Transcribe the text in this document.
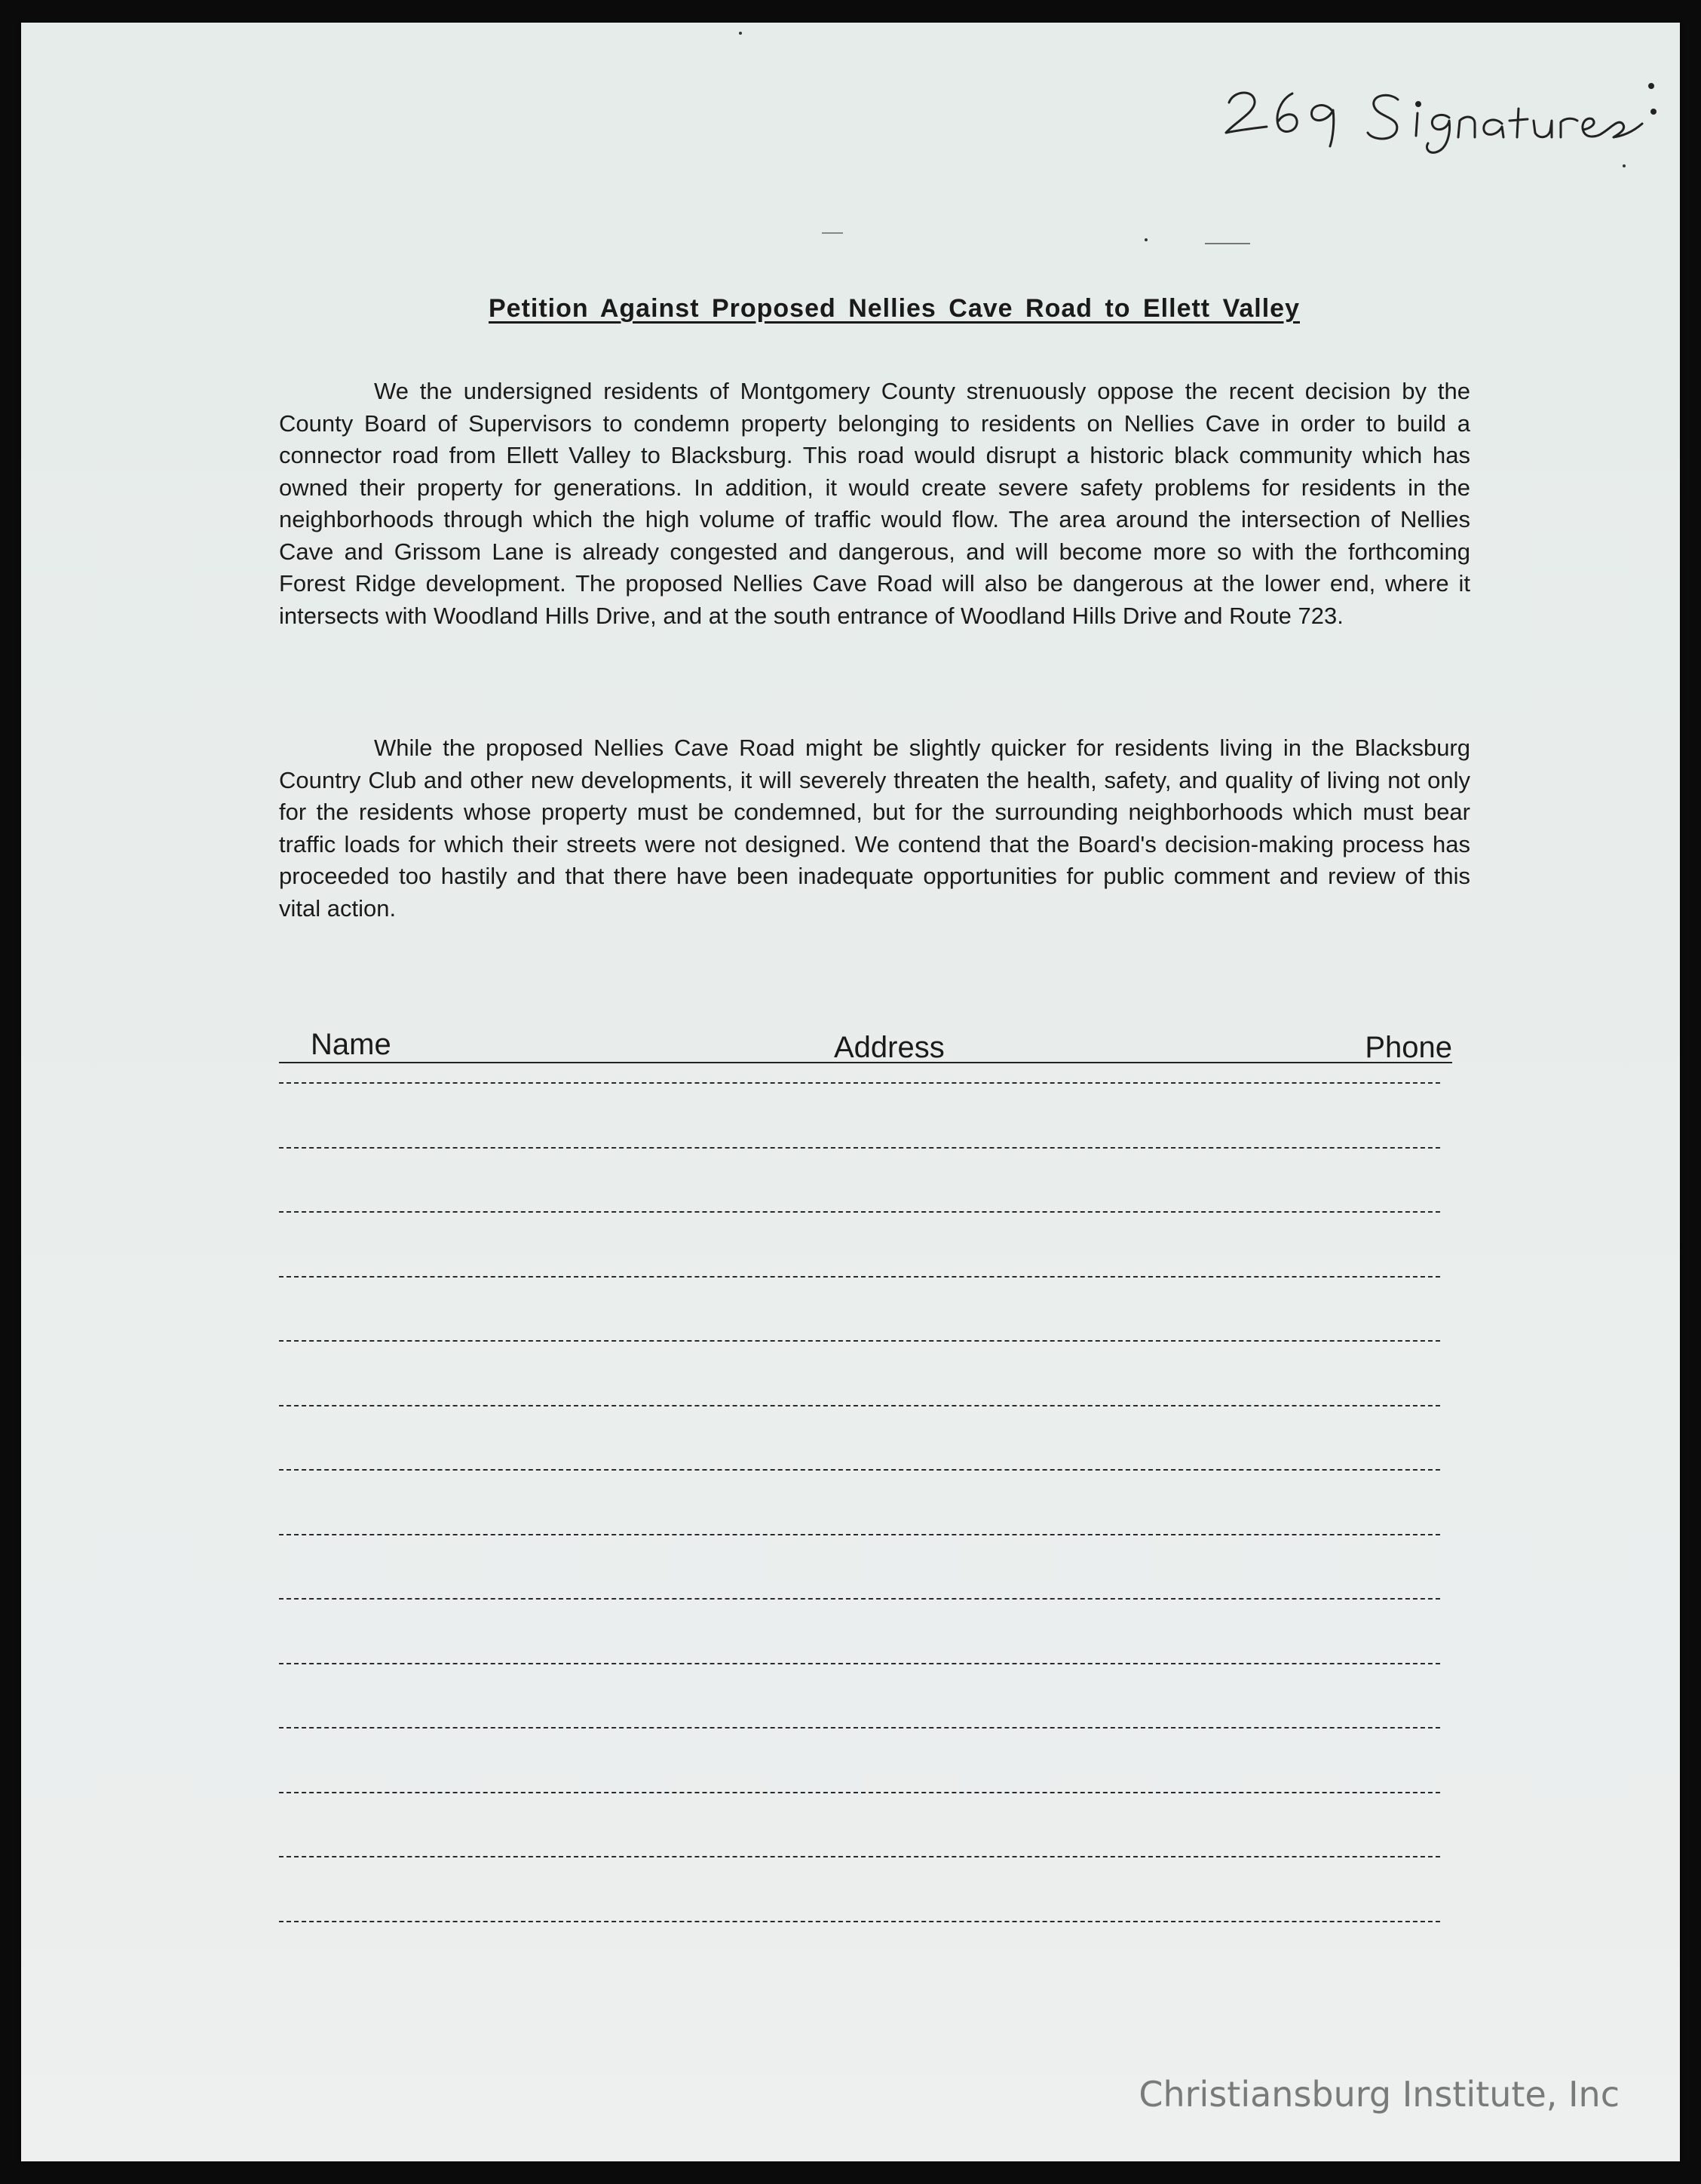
Petition Against Proposed Nellies Cave Road to Ellett Valley

We the undersigned residents of Montgomery County strenuously oppose the recent decision by the County Board of Supervisors to condemn property belonging to residents on Nellies Cave in order to build a connector road from Ellett Valley to Blacksburg. This road would disrupt a historic black community which has owned their property for generations. In addition, it would create severe safety problems for residents in the neighborhoods through which the high volume of traffic would flow. The area around the intersection of Nellies Cave and Grissom Lane is already congested and dangerous, and will become more so with the forthcoming Forest Ridge development. The proposed Nellies Cave Road will also be dangerous at the lower end, where it intersects with Woodland Hills Drive, and at the south entrance of Woodland Hills Drive and Route 723.

While the proposed Nellies Cave Road might be slightly quicker for residents living in the Blacksburg Country Club and other new developments, it will severely threaten the health, safety, and quality of living not only for the residents whose property must be condemned, but for the surrounding neighborhoods which must bear traffic loads for which their streets were not designed. We contend that the Board's decision-making process has proceeded too hastily and that there have been inadequate opportunities for public comment and review of this vital action.

Name	Address	Phone
Christiansburg Institute, Inc
